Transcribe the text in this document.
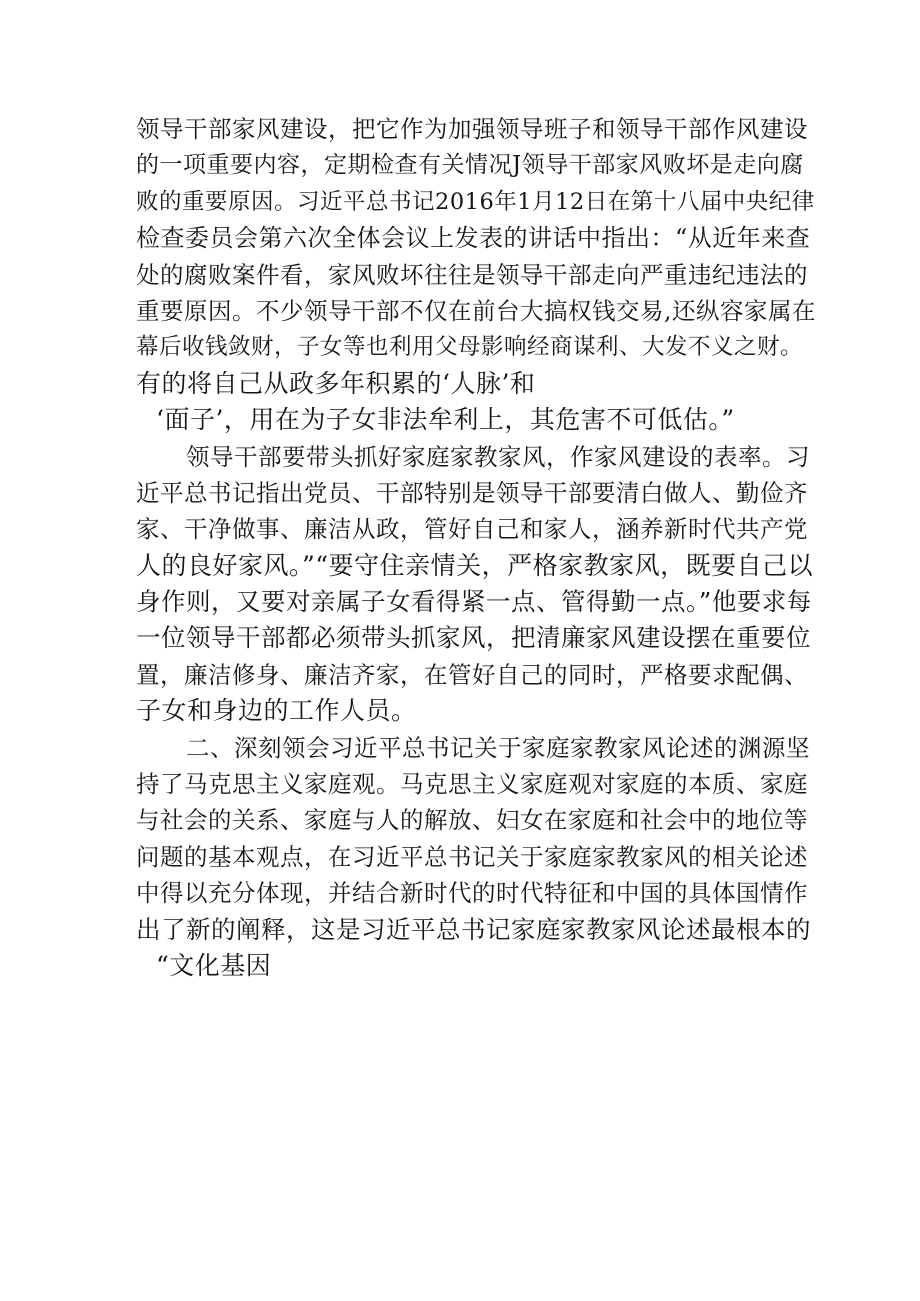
领导干部家风建设，把它作为加强领导班子和领导干部作风建设
的一项重要内容，定期检查有关情况J领导干部家风败坏是走向腐
败的重要原因。习近平总书记2016年1月12日在第十八届中央纪律
检查委员会第六次全体会议上发表的讲话中指出：“从近年来查
处的腐败案件看，家风败坏往往是领导干部走向严重违纪违法的
重要原因。不少领导干部不仅在前台大搞权钱交易,还纵容家属在
幕后收钱敛财，子女等也利用父母影响经商谋利、大发不义之财。
有的将自己从政多年积累的‘人脉’和
‘面子’，用在为子女非法牟利上，其危害不可低估。”
领导干部要带头抓好家庭家教家风，作家风建设的表率。习
近平总书记指出党员、干部特别是领导干部要清白做人、勤俭齐
家、干净做事、廉洁从政，管好自己和家人，涵养新时代共产党
人的良好家风。”“要守住亲情关，严格家教家风，既要自己以
身作则，又要对亲属子女看得紧一点、管得勤一点。”他要求每
一位领导干部都必须带头抓家风，把清廉家风建设摆在重要位
置，廉洁修身、廉洁齐家，在管好自己的同时，严格要求配偶、
子女和身边的工作人员。
二、深刻领会习近平总书记关于家庭家教家风论述的渊源坚
持了马克思主义家庭观。马克思主义家庭观对家庭的本质、家庭
与社会的关系、家庭与人的解放、妇女在家庭和社会中的地位等
问题的基本观点，在习近平总书记关于家庭家教家风的相关论述
中得以充分体现，并结合新时代的时代特征和中国的具体国情作
出了新的阐释，这是习近平总书记家庭家教家风论述最根本的
“文化基因
